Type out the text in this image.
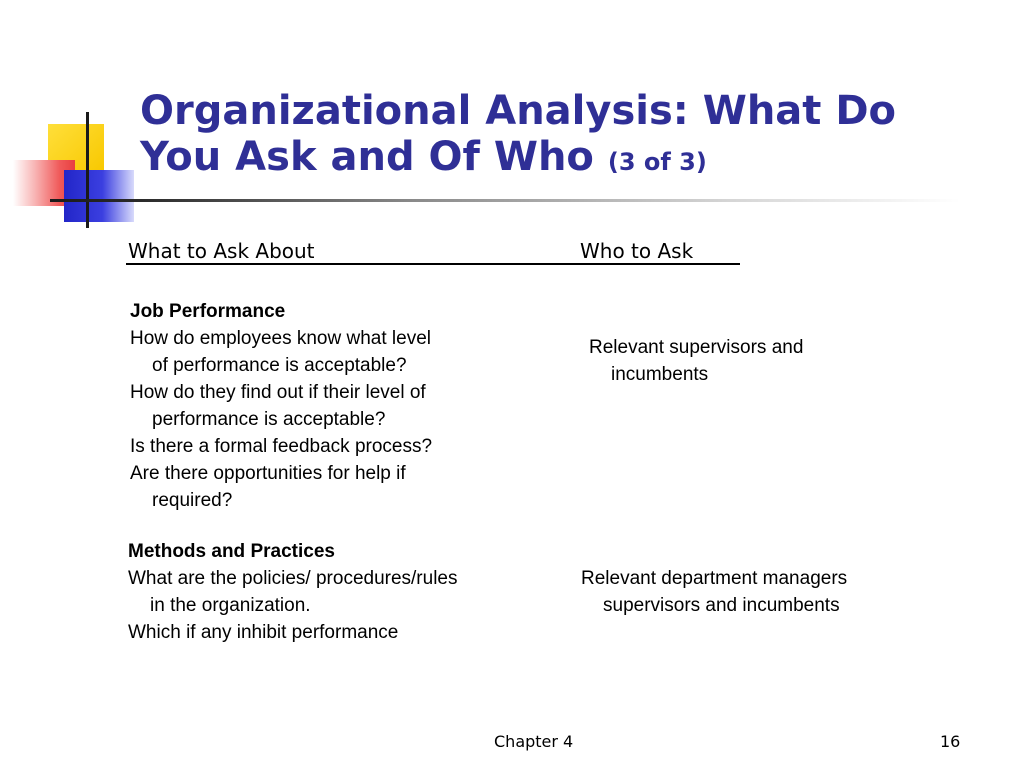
Organizational Analysis: What Do
You Ask and Of Who (3 of 3)
What to Ask About	Who to Ask
Job Performance
How do employees know what level
of performance is acceptable?
How do they find out if their level of
performance is acceptable?
Is there a formal feedback process?
Are there opportunities for help if
required?
Relevant supervisors and
incumbents
Methods and Practices
What are the policies/ procedures/rules
in the organization.
Which if any inhibit performance
Relevant department managers
supervisors and incumbents
Chapter 4	16
